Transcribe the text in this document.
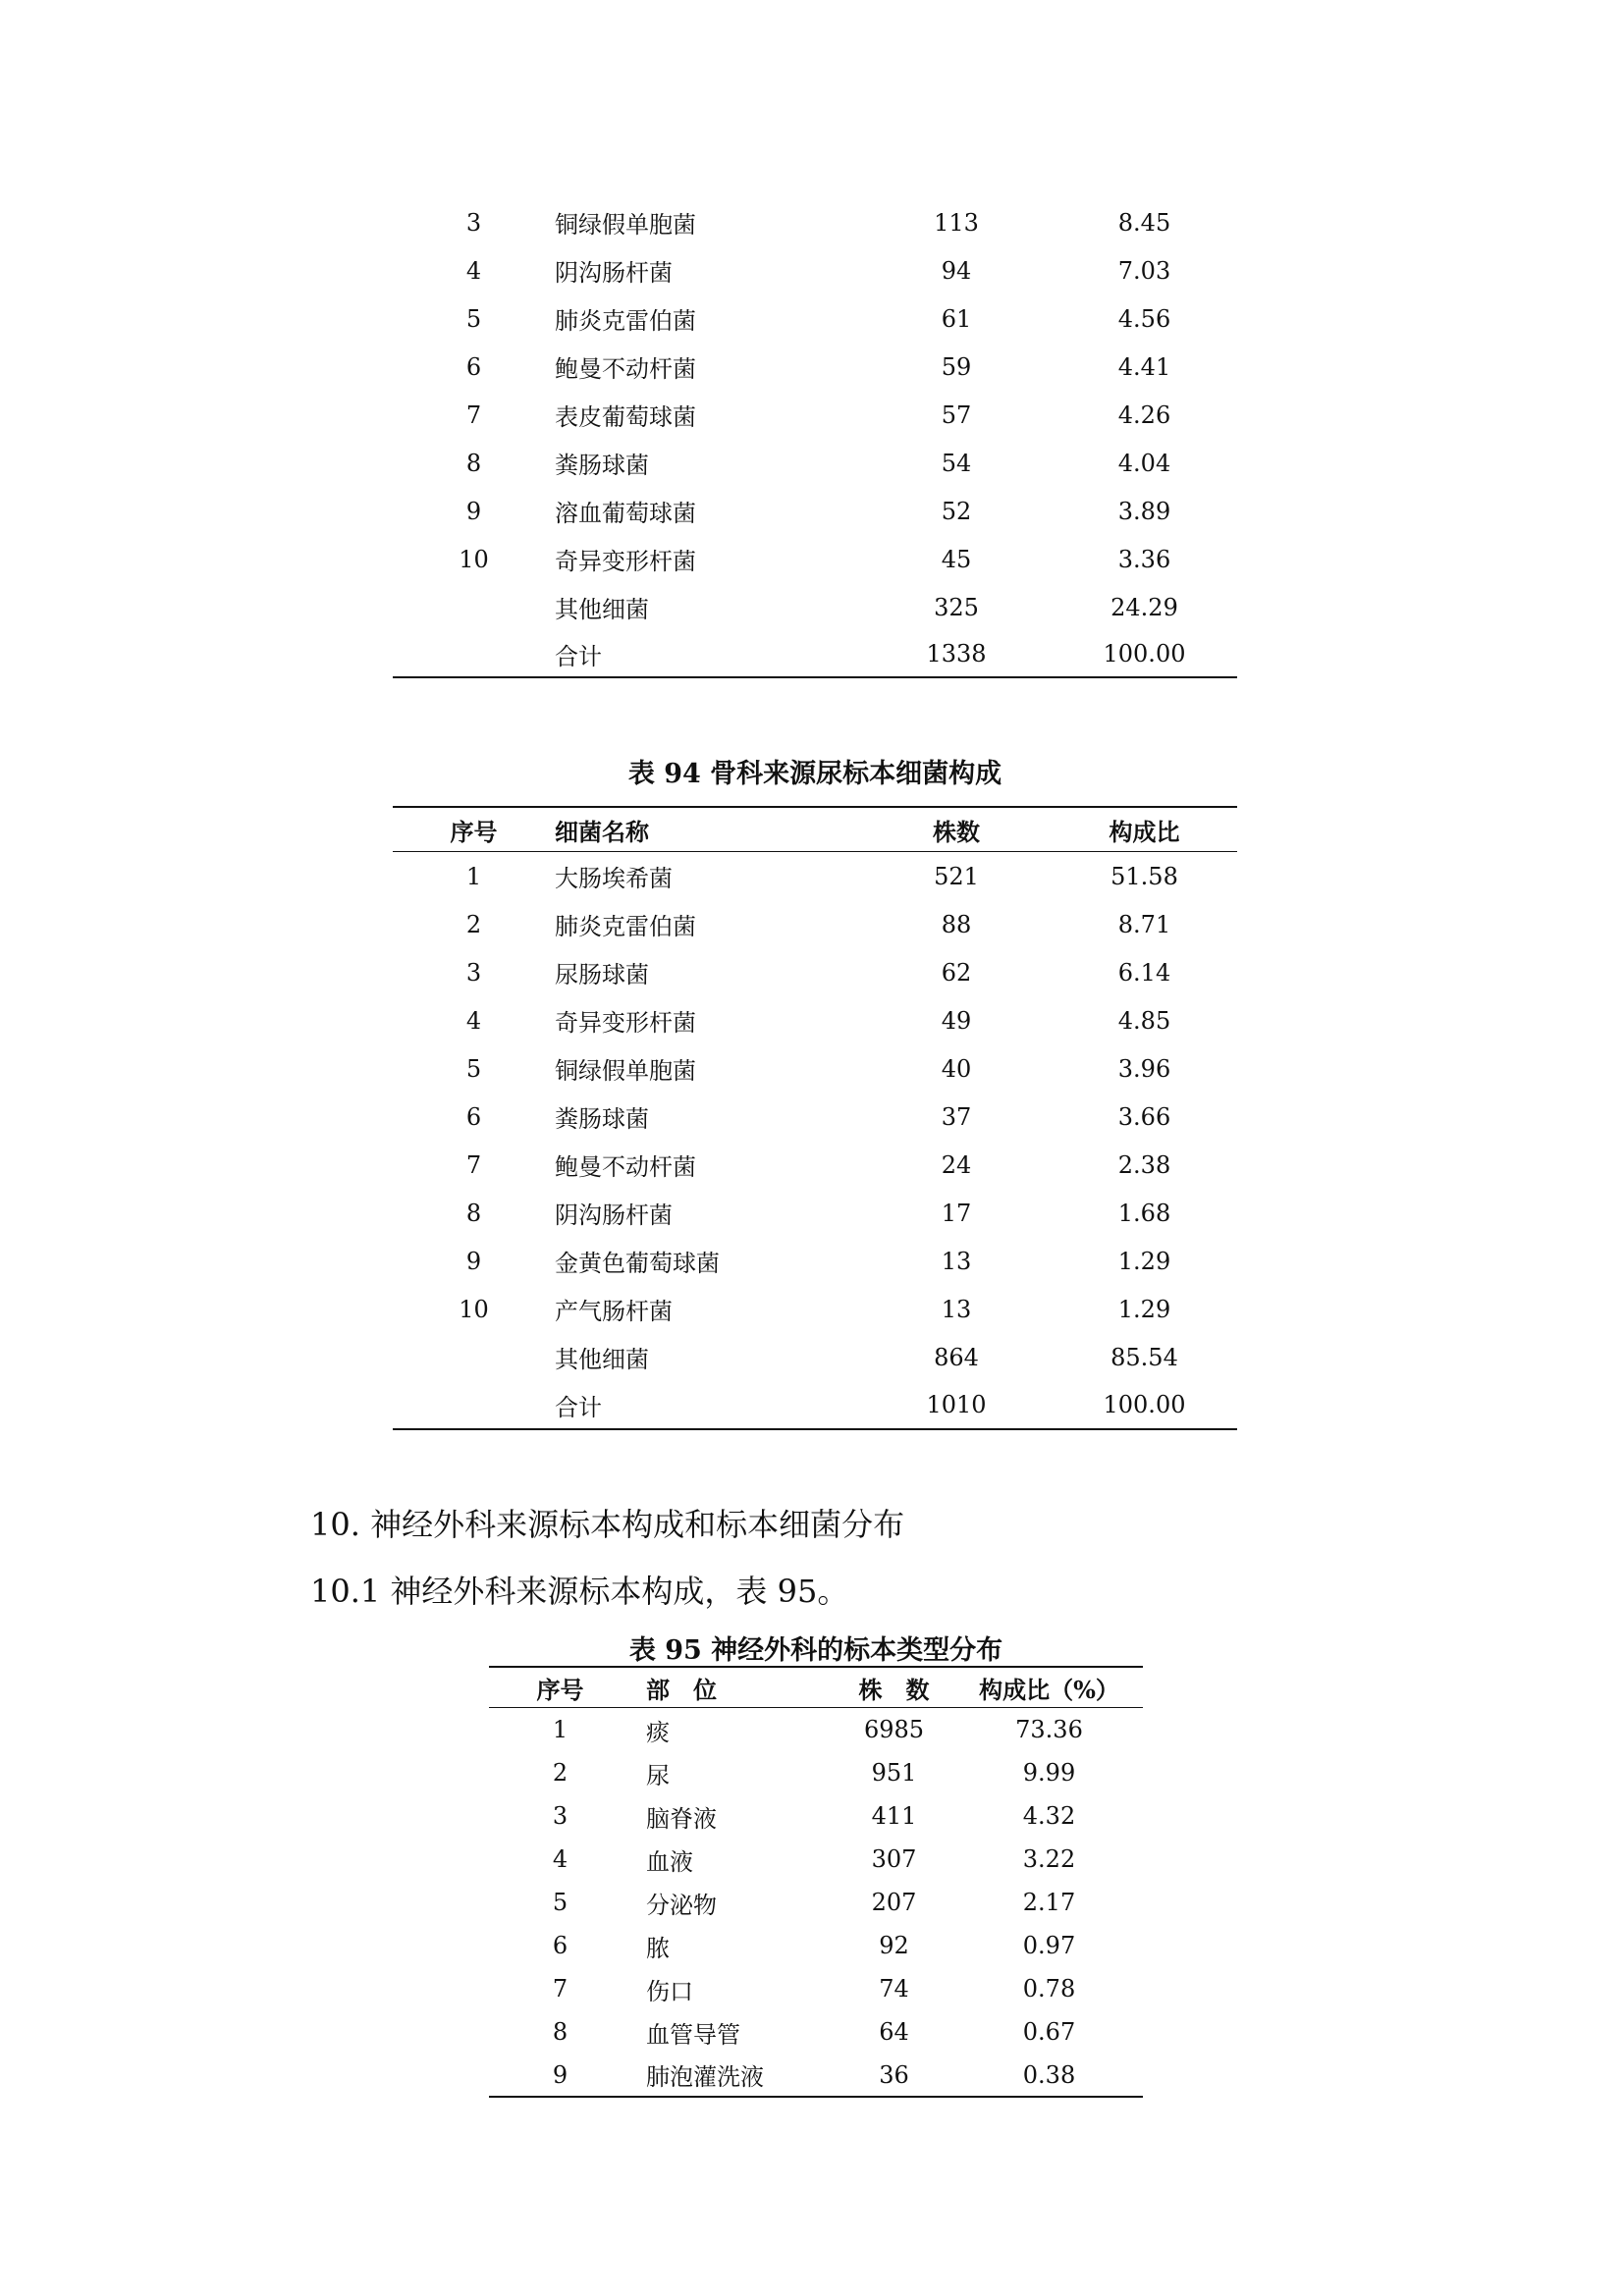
3	铜绿假单胞菌	113	8.45
4	阴沟肠杆菌	94	7.03
5	肺炎克雷伯菌	61	4.56
6	鲍曼不动杆菌	59	4.41
7	表皮葡萄球菌	57	4.26
8	粪肠球菌	54	4.04
9	溶血葡萄球菌	52	3.89
10	奇异变形杆菌	45	3.36
	其他细菌	325	24.29
	合计	1338	100.00
表 94 骨科来源尿标本细菌构成
序号	细菌名称	株数	构成比
1	大肠埃希菌	521	51.58
2	肺炎克雷伯菌	88	8.71
3	尿肠球菌	62	6.14
4	奇异变形杆菌	49	4.85
5	铜绿假单胞菌	40	3.96
6	粪肠球菌	37	3.66
7	鲍曼不动杆菌	24	2.38
8	阴沟肠杆菌	17	1.68
9	金黄色葡萄球菌	13	1.29
10	产气肠杆菌	13	1.29
	其他细菌	864	85.54
	合计	1010	100.00
10. 神经外科来源标本构成和标本细菌分布
10.1 神经外科来源标本构成，表 95。
表 95 神经外科的标本类型分布
序号	部　位	株　数	构成比（%）
1	痰	6985	73.36
2	尿	951	9.99
3	脑脊液	411	4.32
4	血液	307	3.22
5	分泌物	207	2.17
6	脓	92	0.97
7	伤口	74	0.78
8	血管导管	64	0.67
9	肺泡灌洗液	36	0.38
